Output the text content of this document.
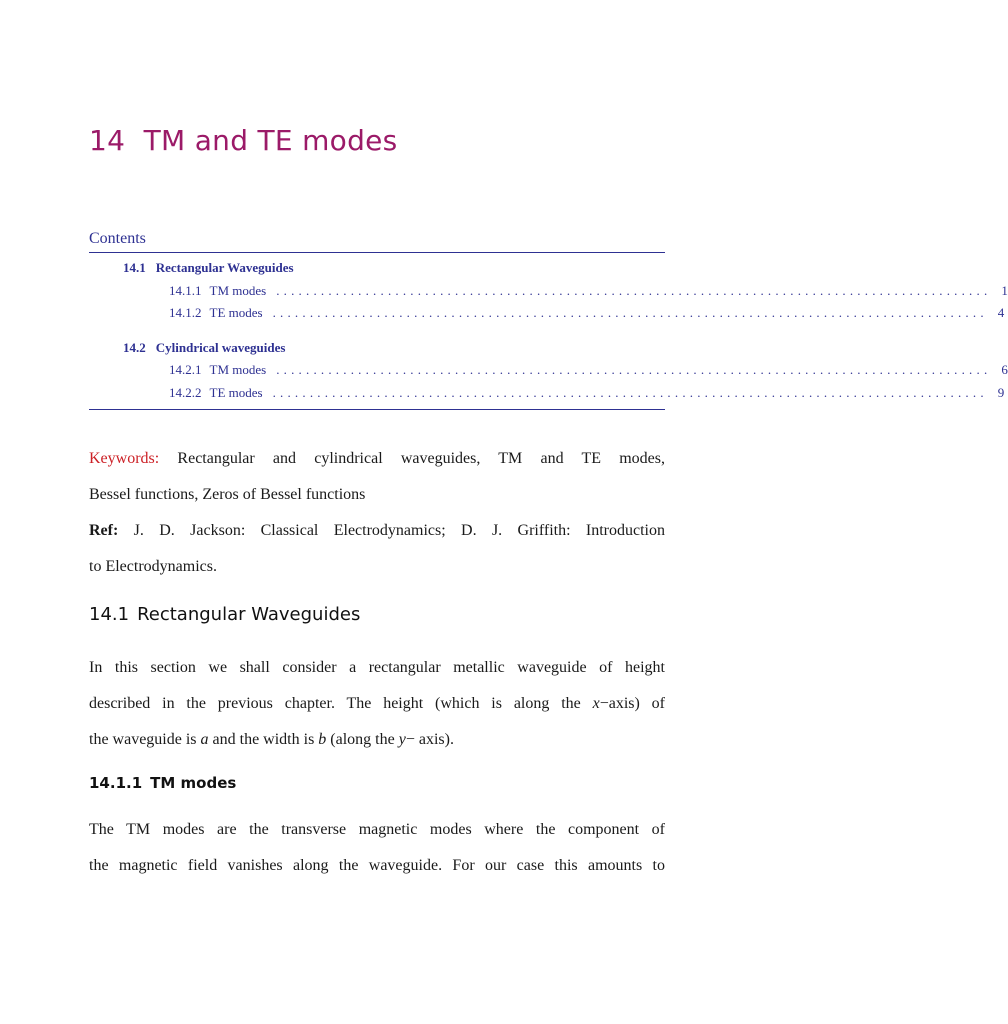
14 TM and TE modes
Contents
14.1 Rectangular Waveguides
14.1.1 TM modes ................................................................................................ 1
14.1.2 TE modes ................................................................................................ 4
14.2 Cylindrical waveguides
14.2.1 TM modes ................................................................................................ 6
14.2.2 TE modes ................................................................................................ 9
Keywords: Rectangular and cylindrical waveguides, TM and TE modes,
Bessel functions, Zeros of Bessel functions
Ref: J. D. Jackson: Classical Electrodynamics; D. J. Griffith: Introduction
to Electrodynamics.
14.1 Rectangular Waveguides
In this section we shall consider a rectangular metallic waveguide of height
described in the previous chapter. The height (which is along the x−axis) of
the waveguide is a and the width is b (along the y− axis).
14.1.1 TM modes
The TM modes are the transverse magnetic modes where the component of
the magnetic field vanishes along the waveguide. For our case this amounts to
